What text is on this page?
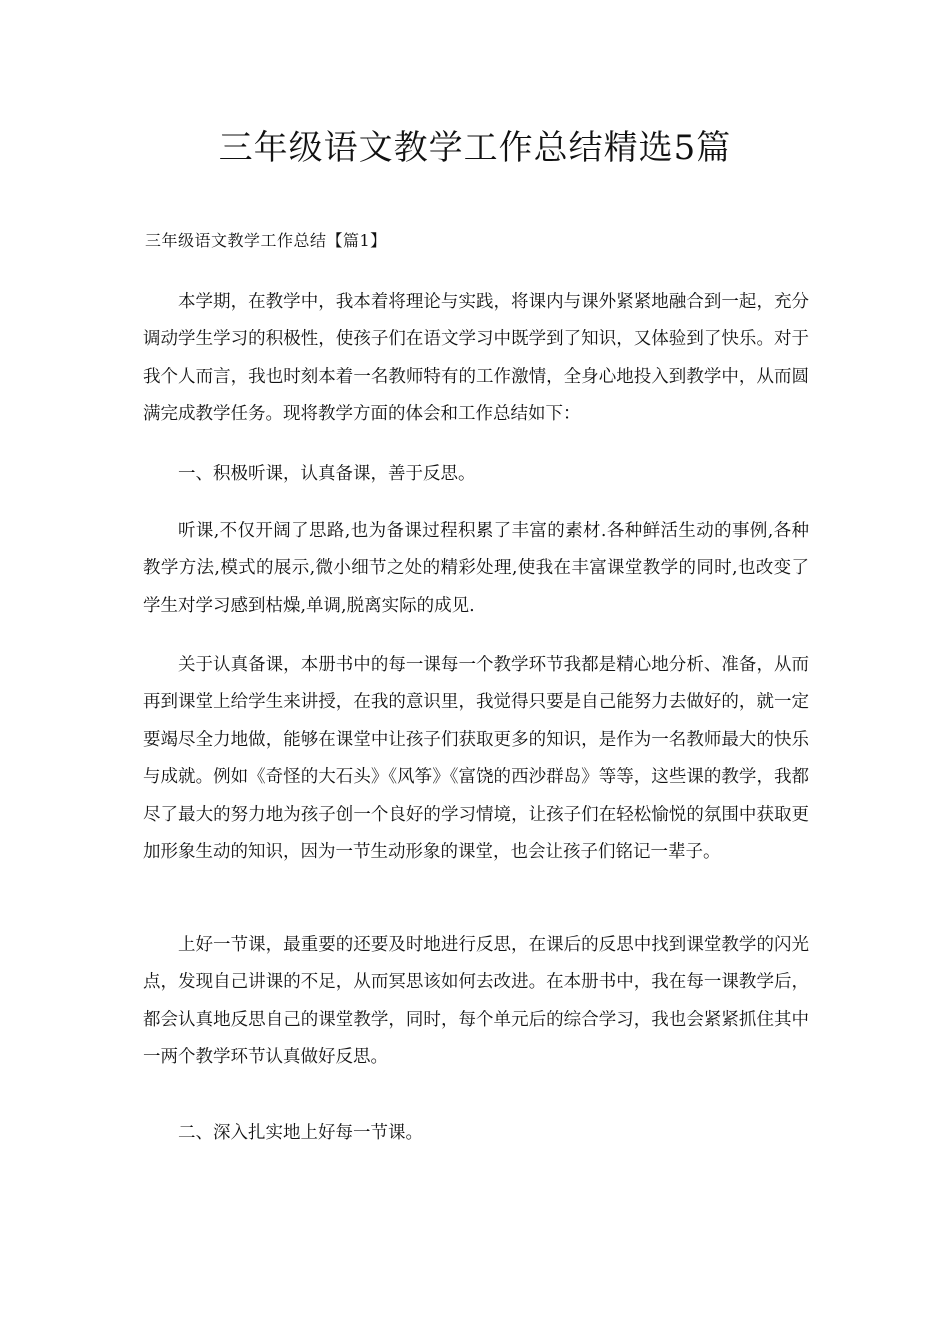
三年级语文教学工作总结精选5篇

三年级语文教学工作总结【篇1】

本学期，在教学中，我本着将理论与实践，将课内与课外紧紧地融合到一起，充分调动学生学习的积极性，使孩子们在语文学习中既学到了知识，又体验到了快乐。对于我个人而言，我也时刻本着一名教师特有的工作激情，全身心地投入到教学中，从而圆满完成教学任务。现将教学方面的体会和工作总结如下：

一、积极听课，认真备课，善于反思。

听课,不仅开阔了思路,也为备课过程积累了丰富的素材.各种鲜活生动的事例,各种教学方法,模式的展示,微小细节之处的精彩处理,使我在丰富课堂教学的同时,也改变了学生对学习感到枯燥,单调,脱离实际的成见.

关于认真备课，本册书中的每一课每一个教学环节我都是精心地分析、准备，从而再到课堂上给学生来讲授，在我的意识里，我觉得只要是自己能努力去做好的，就一定要竭尽全力地做，能够在课堂中让孩子们获取更多的知识，是作为一名教师最大的快乐与成就。例如《奇怪的大石头》《风筝》《富饶的西沙群岛》等等，这些课的教学，我都尽了最大的努力地为孩子创一个良好的学习情境，让孩子们在轻松愉悦的氛围中获取更加形象生动的知识，因为一节生动形象的课堂，也会让孩子们铭记一辈子。

上好一节课，最重要的还要及时地进行反思，在课后的反思中找到课堂教学的闪光点，发现自己讲课的不足，从而冥思该如何去改进。在本册书中，我在每一课教学后，都会认真地反思自己的课堂教学，同时，每个单元后的综合学习，我也会紧紧抓住其中一两个教学环节认真做好反思。

二、深入扎实地上好每一节课。
